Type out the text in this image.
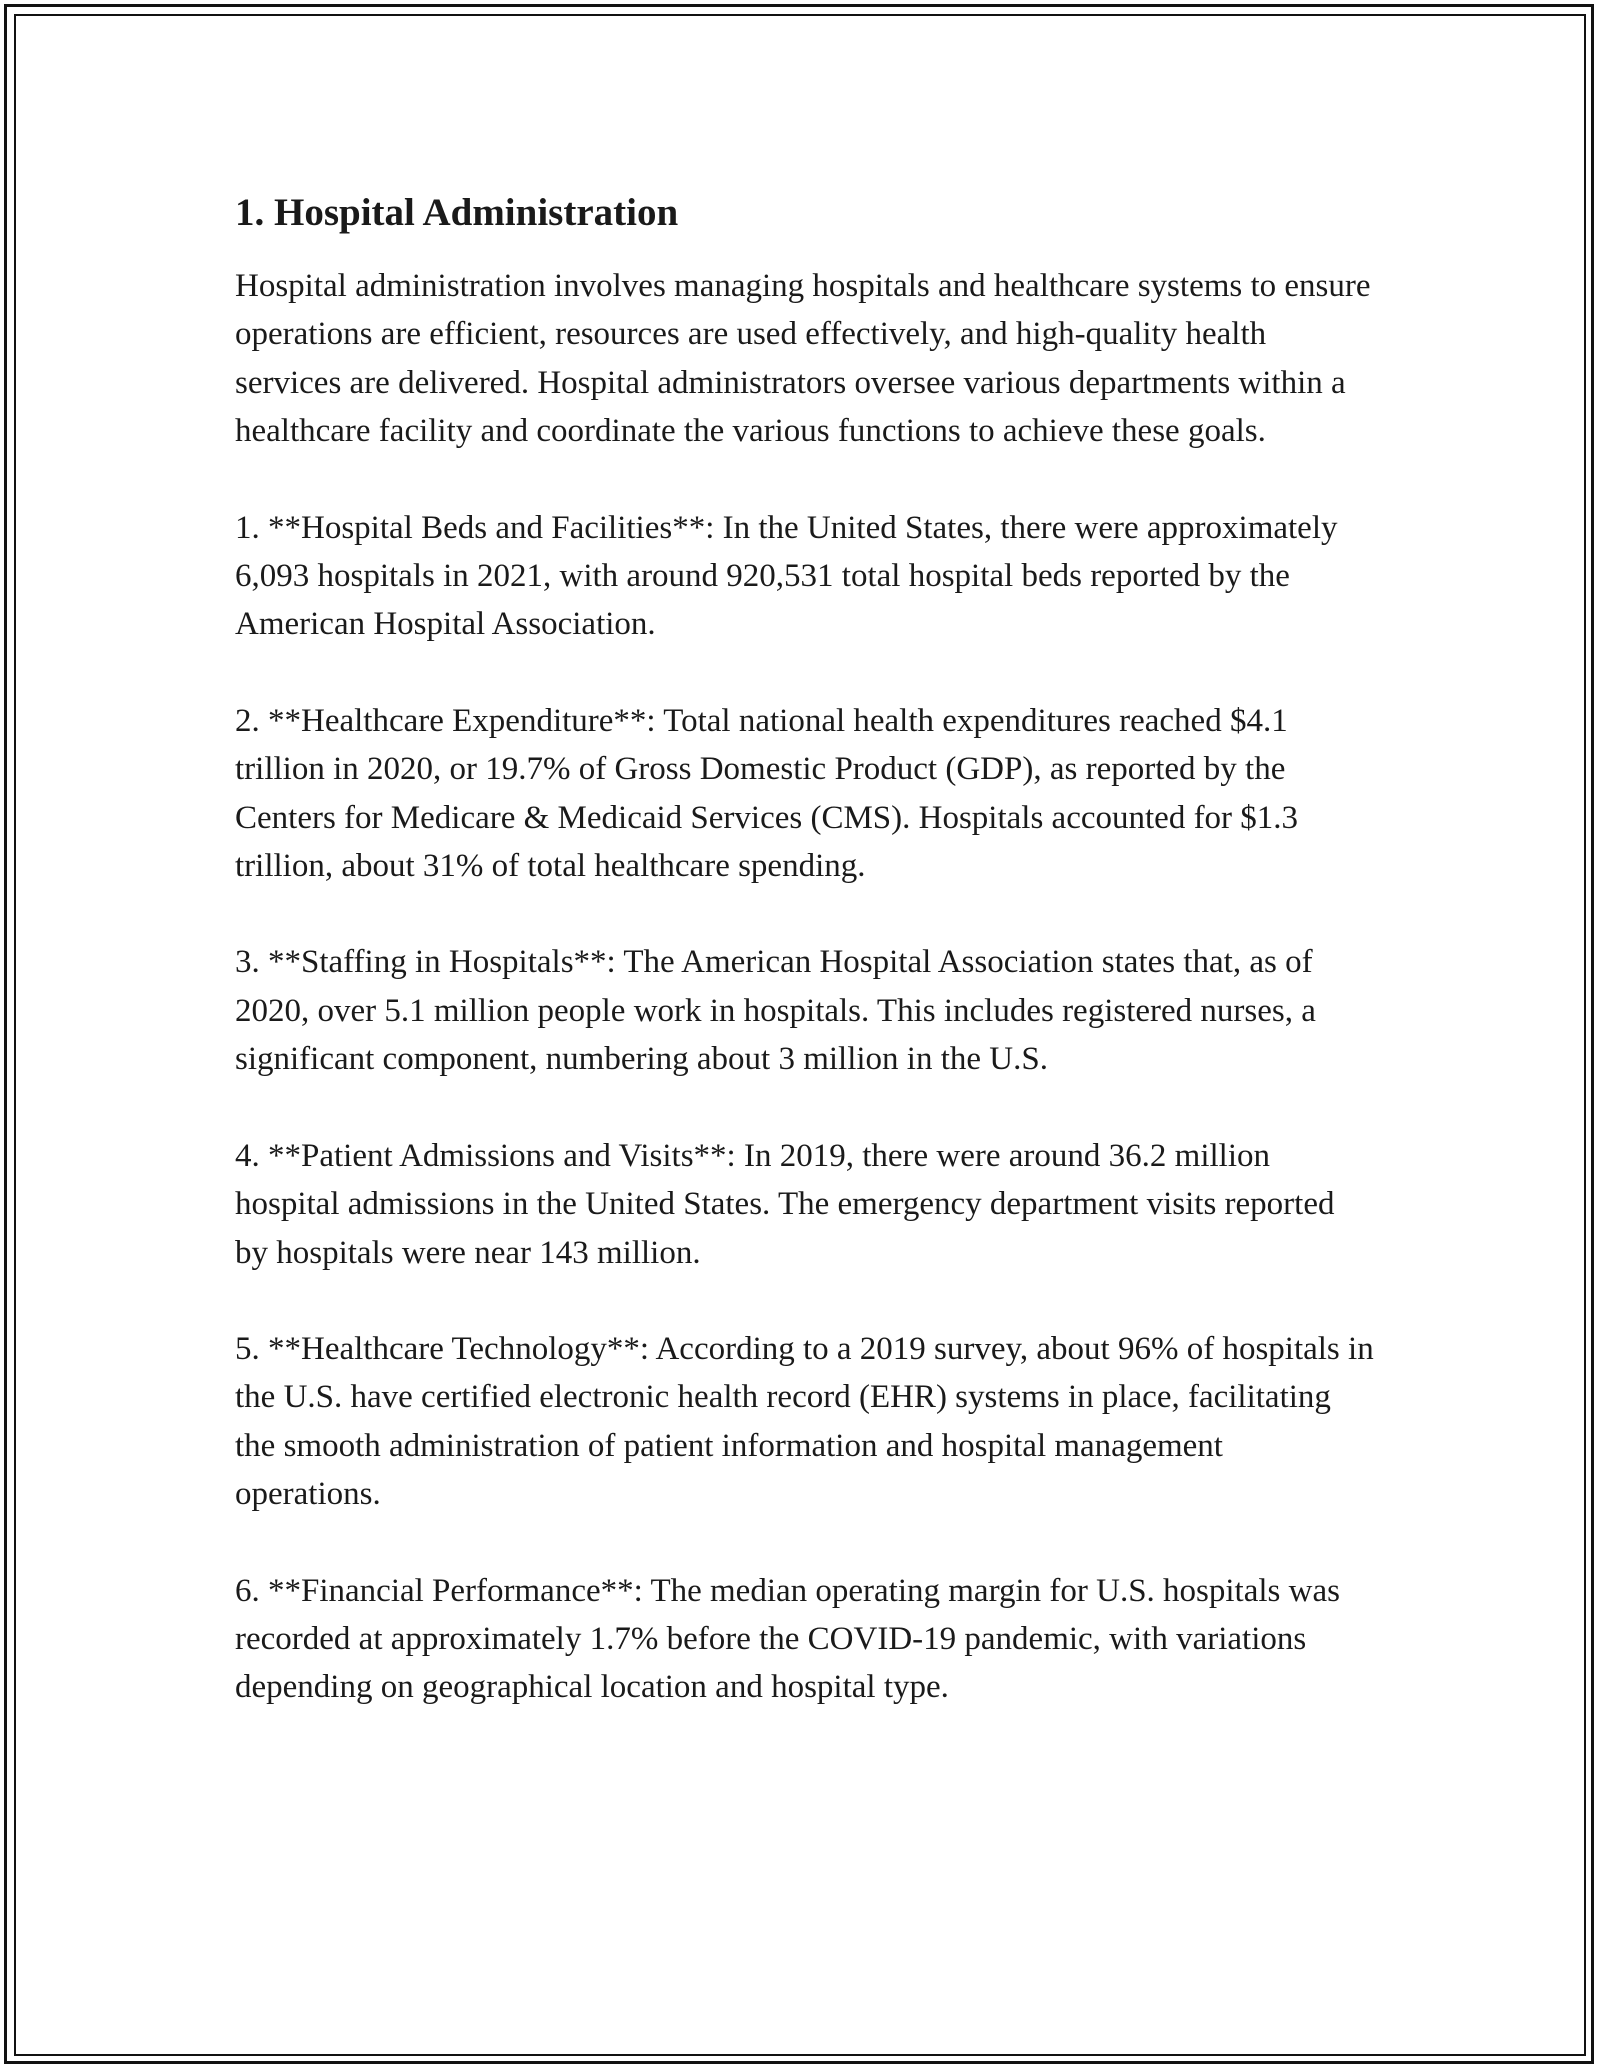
1. Hospital Administration

Hospital administration involves managing hospitals and healthcare systems to ensure operations are efficient, resources are used effectively, and high-quality health services are delivered. Hospital administrators oversee various departments within a healthcare facility and coordinate the various functions to achieve these goals.

1. **Hospital Beds and Facilities**: In the United States, there were approximately 6,093 hospitals in 2021, with around 920,531 total hospital beds reported by the American Hospital Association.

2. **Healthcare Expenditure**: Total national health expenditures reached $4.1 trillion in 2020, or 19.7% of Gross Domestic Product (GDP), as reported by the Centers for Medicare & Medicaid Services (CMS). Hospitals accounted for $1.3 trillion, about 31% of total healthcare spending.

3. **Staffing in Hospitals**: The American Hospital Association states that, as of 2020, over 5.1 million people work in hospitals. This includes registered nurses, a significant component, numbering about 3 million in the U.S.

4. **Patient Admissions and Visits**: In 2019, there were around 36.2 million hospital admissions in the United States. The emergency department visits reported by hospitals were near 143 million.

5. **Healthcare Technology**: According to a 2019 survey, about 96% of hospitals in the U.S. have certified electronic health record (EHR) systems in place, facilitating the smooth administration of patient information and hospital management operations.

6. **Financial Performance**: The median operating margin for U.S. hospitals was recorded at approximately 1.7% before the COVID-19 pandemic, with variations depending on geographical location and hospital type.
